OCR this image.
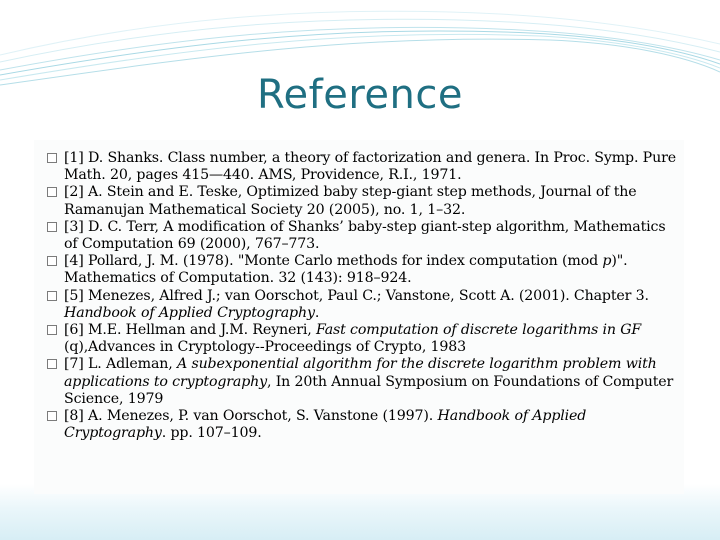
Reference
[1] D. Shanks. Class number, a theory of factorization and genera. In Proc. Symp. Pure Math. 20, pages 415—440. AMS, Providence, R.I., 1971.
[2] A. Stein and E. Teske, Optimized baby step-giant step methods, Journal of the Ramanujan Mathematical Society 20 (2005), no. 1, 1–32.
[3] D. C. Terr, A modification of Shanks’ baby-step giant-step algorithm, Mathematics of Computation 69 (2000), 767–773.
[4] Pollard, J. M. (1978). "Monte Carlo methods for index computation (mod p)". Mathematics of Computation. 32 (143): 918–924.
[5] Menezes, Alfred J.; van Oorschot, Paul C.; Vanstone, Scott A. (2001). Chapter 3. Handbook of Applied Cryptography.
[6] M.E. Hellman and J.M. Reyneri, Fast computation of discrete logarithms in GF (q),Advances in Cryptology--Proceedings of Crypto, 1983
[7] L. Adleman, A subexponential algorithm for the discrete logarithm problem with applications to cryptography, In 20th Annual Symposium on Foundations of Computer Science, 1979
[8] A. Menezes, P. van Oorschot, S. Vanstone (1997). Handbook of Applied Cryptography. pp. 107–109.
